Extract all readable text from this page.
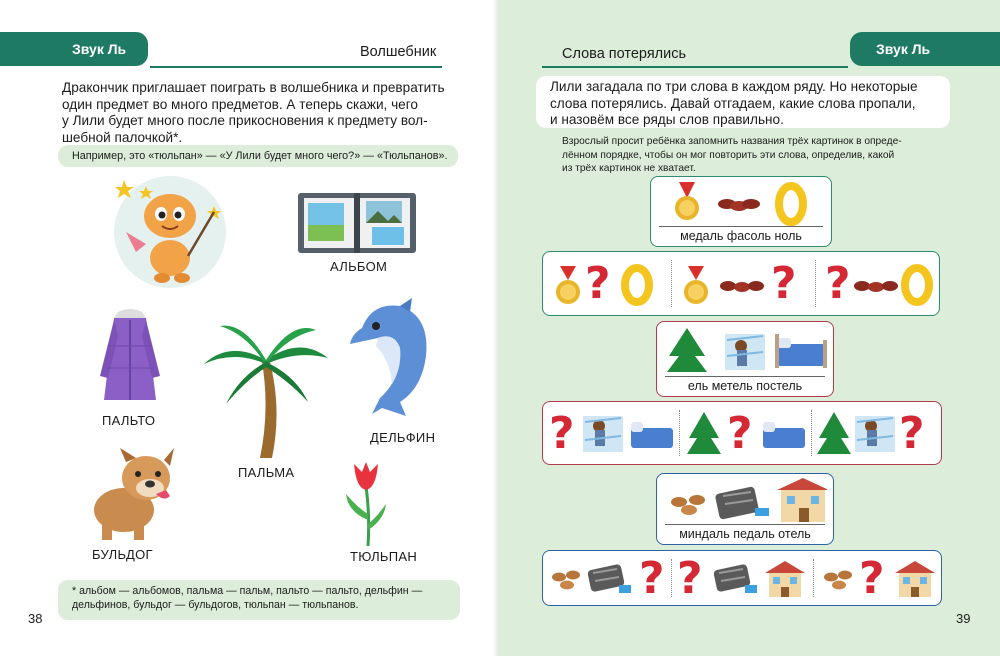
Звук Ль	Волшебник
Дракончик приглашает поиграть в волшебника и превратить
один предмет во много предметов. А теперь скажи, чего
у Лили будет много после прикосновения к предмету вол-
шебной палочкой*.
Например, это «тюльпан» — «У Лили будет много чего?» — «Тюльпанов».
АЛЬБОМ
ПАЛЬТО
ПАЛЬМА
ДЕЛЬФИН
БУЛЬДОГ	ТЮЛЬПАН
* альбом — альбомов, пальма — пальм, пальто — пальто, дельфин —
дельфинов, бульдог — бульдогов, тюльпан — тюльпанов.
38
Звук Ль
Слова потерялись
Лили загадала по три слова в каждом ряду. Но некоторые
слова потерялись. Давай отгадаем, какие слова пропали,
и назовём все ряды слов правильно.
Взрослый просит ребёнка запомнить названия трёх картинок в опреде-
лённом порядке, чтобы он мог повторить эти слова, определив, какой
из трёх картинок не хватает.
медаль фасоль ноль
?	? ?
ель метель постель
?	?	?
миндаль педаль отель
? ?	?
39
